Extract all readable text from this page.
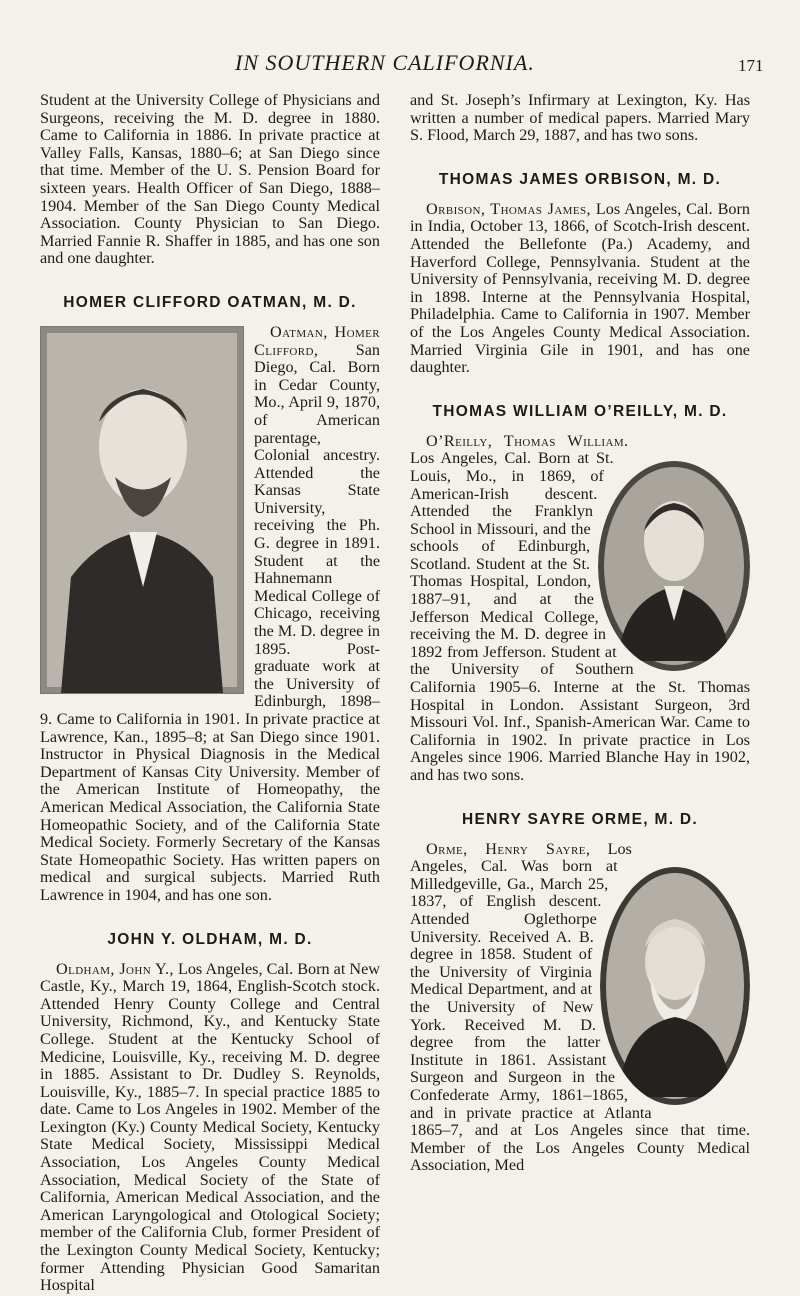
IN SOUTHERN CALIFORNIA.	171

Student at the University College of Physicians and Surgeons, receiving the M. D. degree in 1880. Came to California in 1886. In private practice at Valley Falls, Kansas, 1880–6; at San Diego since that time. Member of the U. S. Pension Board for sixteen years. Health Officer of San Diego, 1888–1904. Member of the San Diego County Medical Association. County Physician to San Diego. Married Fannie R. Shaffer in 1885, and has one son and one daughter.

HOMER CLIFFORD OATMAN, M. D.

Oatman, Homer Clifford, San Diego, Cal. Born in Cedar County, Mo., April 9, 1870, of American parentage, Colonial ancestry. Attended the Kansas State University, receiving the Ph. G. degree in 1891. Student at the Hahnemann Medical College of Chicago, receiving the M. D. degree in 1895. Post-graduate work at the University of Edinburgh, 1898–9. Came to California in 1901. In private practice at Lawrence, Kan., 1895–8; at San Diego since 1901. Instructor in Physical Diagnosis in the Medical Department of Kansas City University. Member of the American Institute of Homeopathy, the American Medical Association, the California State Homeopathic Society, and of the California State Medical Society. Formerly Secretary of the Kansas State Homeopathic Society. Has written papers on medical and surgical subjects. Married Ruth Lawrence in 1904, and has one son.

JOHN Y. OLDHAM, M. D.

Oldham, John Y., Los Angeles, Cal. Born at New Castle, Ky., March 19, 1864, English-Scotch stock. Attended Henry County College and Central University, Richmond, Ky., and Kentucky State College. Student at the Kentucky School of Medicine, Louisville, Ky., receiving M. D. degree in 1885. Assistant to Dr. Dudley S. Reynolds, Louisville, Ky., 1885–7. In special practice 1885 to date. Came to Los Angeles in 1902. Member of the Lexington (Ky.) County Medical Society, Kentucky State Medical Society, Mississippi Medical Association, Los Angeles County Medical Association, Medical Society of the State of California, American Medical Association, and the American Laryngological and Otological Society; member of the California Club, former President of the Lexington County Medical Society, Kentucky; former Attending Physician Good Samaritan Hospital

and St. Joseph’s Infirmary at Lexington, Ky. Has written a number of medical papers. Married Mary S. Flood, March 29, 1887, and has two sons.

THOMAS JAMES ORBISON, M. D.

Orbison, Thomas James, Los Angeles, Cal. Born in India, October 13, 1866, of Scotch-Irish descent. Attended the Bellefonte (Pa.) Academy, and Haverford College, Pennsylvania. Student at the University of Pennsylvania, receiving M. D. degree in 1898. Interne at the Pennsylvania Hospital, Philadelphia. Came to California in 1907. Member of the Los Angeles County Medical Association. Married Virginia Gile in 1901, and has one daughter.

THOMAS WILLIAM O’REILLY, M. D.

O’Reilly, Thomas William. Los Angeles, Cal. Born at St. Louis, Mo., in 1869, of American-Irish descent. Attended the Franklyn School in Missouri, and the schools of Edinburgh, Scotland. Student at the St. Thomas Hospital, London, 1887–91, and at the Jefferson Medical College, receiving the M. D. degree in 1892 from Jefferson. Student at the University of Southern California 1905–6. Interne at the St. Thomas Hospital in London. Assistant Surgeon, 3rd Missouri Vol. Inf., Spanish-American War. Came to California in 1902. In private practice in Los Angeles since 1906. Married Blanche Hay in 1902, and has two sons.

HENRY SAYRE ORME, M. D.

Orme, Henry Sayre, Los Angeles, Cal. Was born at Milledgeville, Ga., March 25, 1837, of English descent. Attended Oglethorpe University. Received A. B. degree in 1858. Student of the University of Virginia Medical Department, and at the University of New York. Received M. D. degree from the latter Institute in 1861. Assistant Surgeon and Surgeon in the Confederate Army, 1861–1865, and in private practice at Atlanta 1865–7, and at Los Angeles since that time. Member of the Los Angeles County Medical Association, Med
